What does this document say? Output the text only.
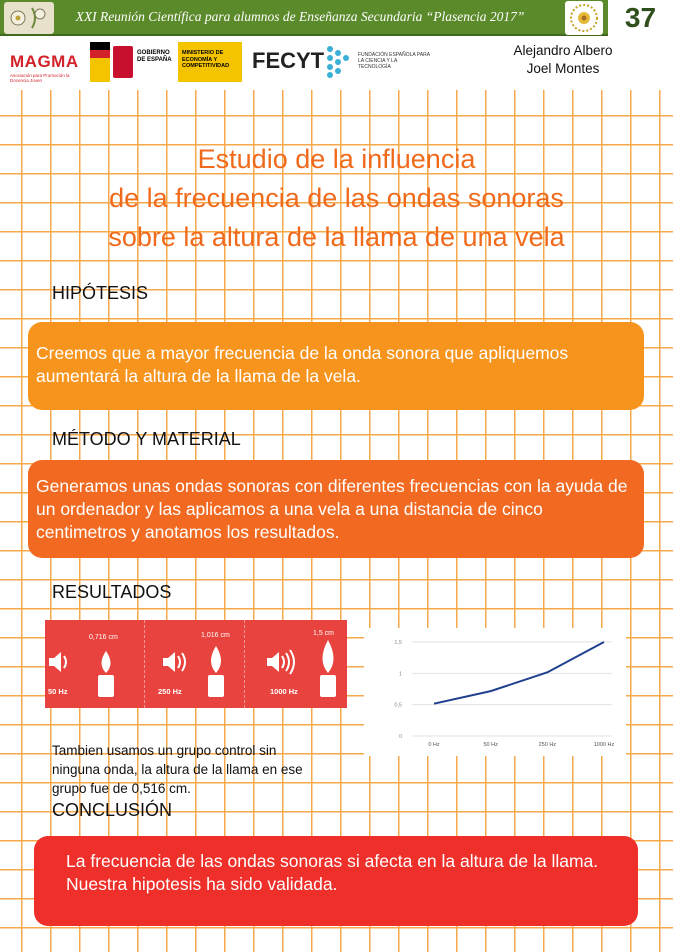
XXI Reunión Científica para alumnos de Enseñanza Secundaria “Plasencia 2017”	37
MAGMA
Asociación para Promoción la Docencia Joven
GOBIERNO DE ESPAÑA
MINISTERIO DE ECONOMÍA Y COMPETITIVIDAD	FECYT	FUNDACIÓN ESPAÑOLA PARA LA CIENCIA Y LA TECNOLOGÍA
Alejandro Albero
Joel Montes
Estudio de la influencia
de la frecuencia de las ondas sonoras
sobre la altura de la llama de una vela
HIPÓTESIS
Creemos que a mayor frecuencia de la onda sonora que apliquemos aumentará la altura de la llama de la vela.
MÉTODO Y MATERIAL
Generamos unas ondas sonoras con diferentes frecuencias con la ayuda de un ordenador y las aplicamos a una vela a una distancia de cinco centimetros y anotamos los resultados.
RESULTADOS
0,716 cm
50 Hz
1,016 cm
250 Hz
1,5 cm
1000 Hz
0
0,5
1
1,5
0 Hz	50 Hz	250 Hz	1000 Hz
Tambien usamos un grupo control sin ninguna onda, la altura de la llama en ese grupo fue de 0,516 cm.
CONCLUSIÓN
La frecuencia de las ondas sonoras si afecta en la altura de la llama. Nuestra hipotesis ha sido validada.
